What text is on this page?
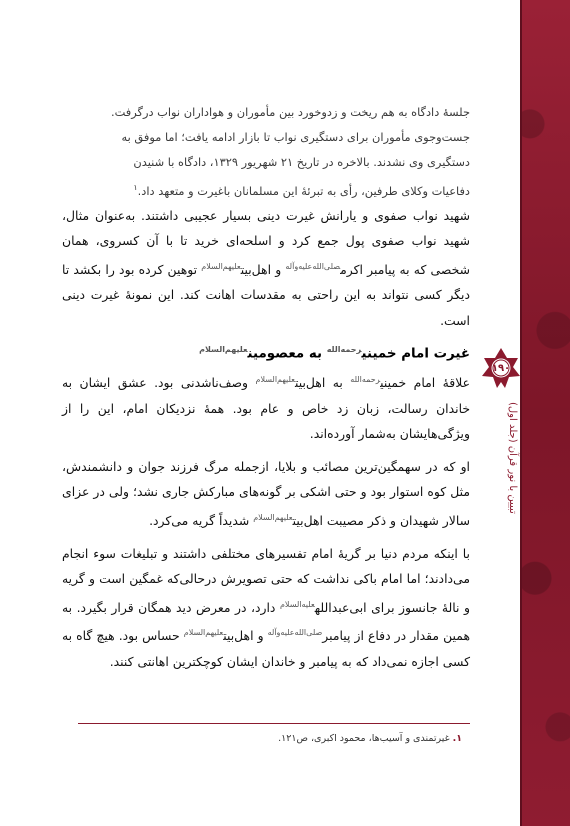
جلسهٔ دادگاه به هم ریخت و زدوخورد بین مأموران و هواداران نواب درگرفت.
جست‌وجوی مأموران برای دستگیری نواب تا بازار ادامه یافت؛ اما موفق به
دستگیری وی نشدند. بالاخره در تاریخ ۲۱ شهریور ۱۳۲۹، دادگاه با شنیدن
دفاعیات وکلای طرفین، رأی به تبرئهٔ این مسلمانان باغیرت و متعهد داد.$^۱$

شهید نواب صفوی و یارانش غیرت دینی بسیار عجیبی داشتند. به‌عنوان مثال، شهید نواب صفوی پول جمع کرد و اسلحه‌ای خرید تا با آن کسروی، همان شخصی که به پیامبر اکرم$^{صلی‌الله‌علیه‌وآله}$ و اهل‌بیت$^{علیهم‌السلام}$ توهین کرده بود را بکشد تا دیگر کسی نتواند به این راحتی به مقدسات اهانت کند. این نمونهٔ غیرت دینی است.

غیرت امام خمینی$^{رحمه‌الله}$ به معصومین$^{علیهم‌السلام}$

علاقهٔ امام خمینی$^{رحمه‌الله}$ به اهل‌بیت$^{علیهم‌السلام}$ وصف‌ناشدنی بود. عشق ایشان به خاندان رسالت، زبان زد خاص و عام بود. همهٔ نزدیکان امام، این را از ویژگی‌هایشان به‌شمار آورده‌اند.

او که در سهمگین‌ترین مصائب و بلایا، ازجمله مرگ فرزند جوان و دانشمندش، مثل کوه استوار بود و حتی اشکی بر گونه‌های مبارکش جاری نشد؛ ولی در عزای سالار شهیدان و ذکر مصیبت اهل‌بیت$^{علیهم‌السلام}$ شدیداً گریه می‌کرد.

با اینکه مردم دنیا بر گریهٔ امام تفسیرهای مختلفی داشتند و تبلیغات سوء انجام می‌دادند؛ اما امام باکی نداشت که حتی تصویرش درحالی‌که غمگین است و گریه و نالهٔ جانسوز برای ابی‌عبدالله$^{علیه‌السلام}$ دارد، در معرض دید همگان قرار بگیرد. به همین مقدار در دفاع از پیامبر$^{صلی‌الله‌علیه‌وآله}$ و اهل‌بیت$^{علیهم‌السلام}$ حساس بود. هیچ گاه به کسی اجازه نمی‌داد که به پیامبر و خاندان ایشان کوچکترین اهانتی کنند.

۱. غیرتمندی و آسیب‌ها، محمود اکبری، ص۱۲۱.
۱۹۰
تبیین با نور قرآن (جلد اول)
